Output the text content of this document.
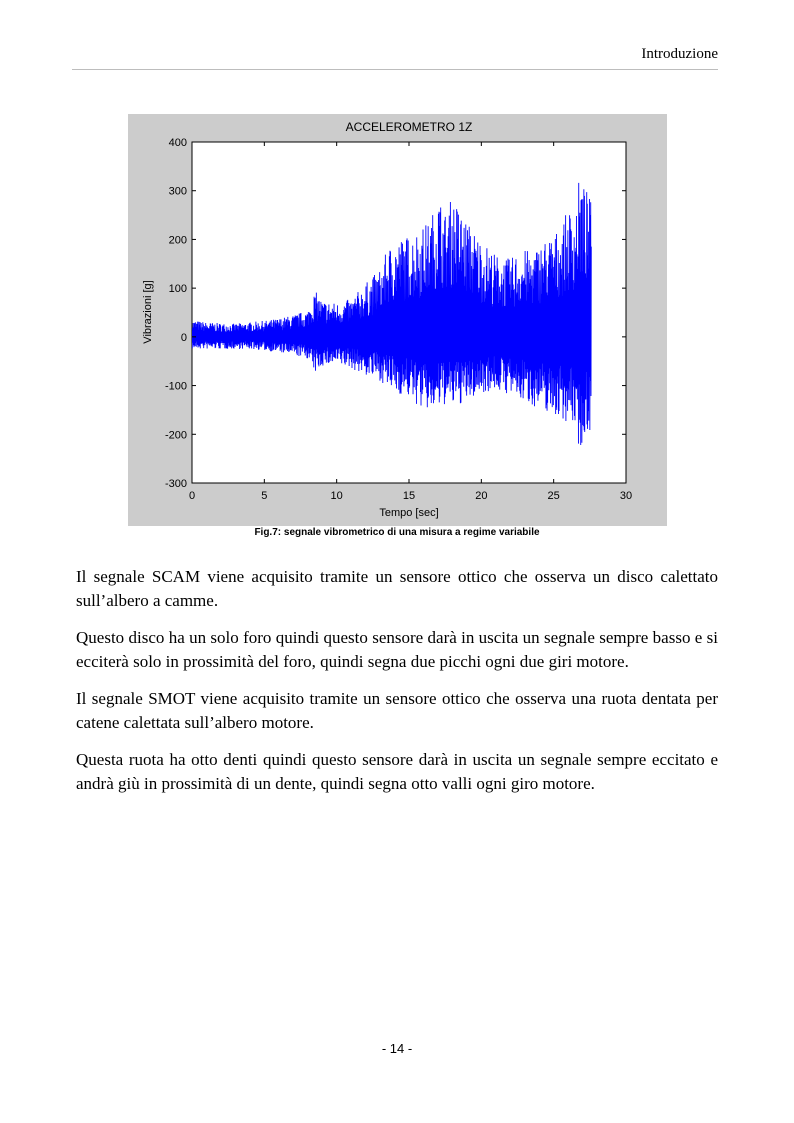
Introduzione
0	5	10	15	20	25	30
-300
-200
-100
0
100
200
300
400
ACCELEROMETRO 1Z
Tempo [sec]
Vibrazioni [g]
Fig.7: segnale vibrometrico di una misura a regime variabile

Il segnale SCAM viene acquisito tramite un sensore ottico che osserva un disco calettato sull’albero a camme.

Questo disco ha un solo foro quindi questo sensore darà in uscita un segnale sempre basso e si ecciterà solo in prossimità del foro, quindi segna due picchi ogni due giri motore.

Il segnale SMOT viene acquisito tramite un sensore ottico che osserva una ruota dentata per catene calettata sull’albero motore.

Questa ruota ha otto denti quindi questo sensore darà in uscita un segnale sempre eccitato e andrà giù in prossimità di un dente, quindi segna otto valli ogni giro motore.

- 14 -
